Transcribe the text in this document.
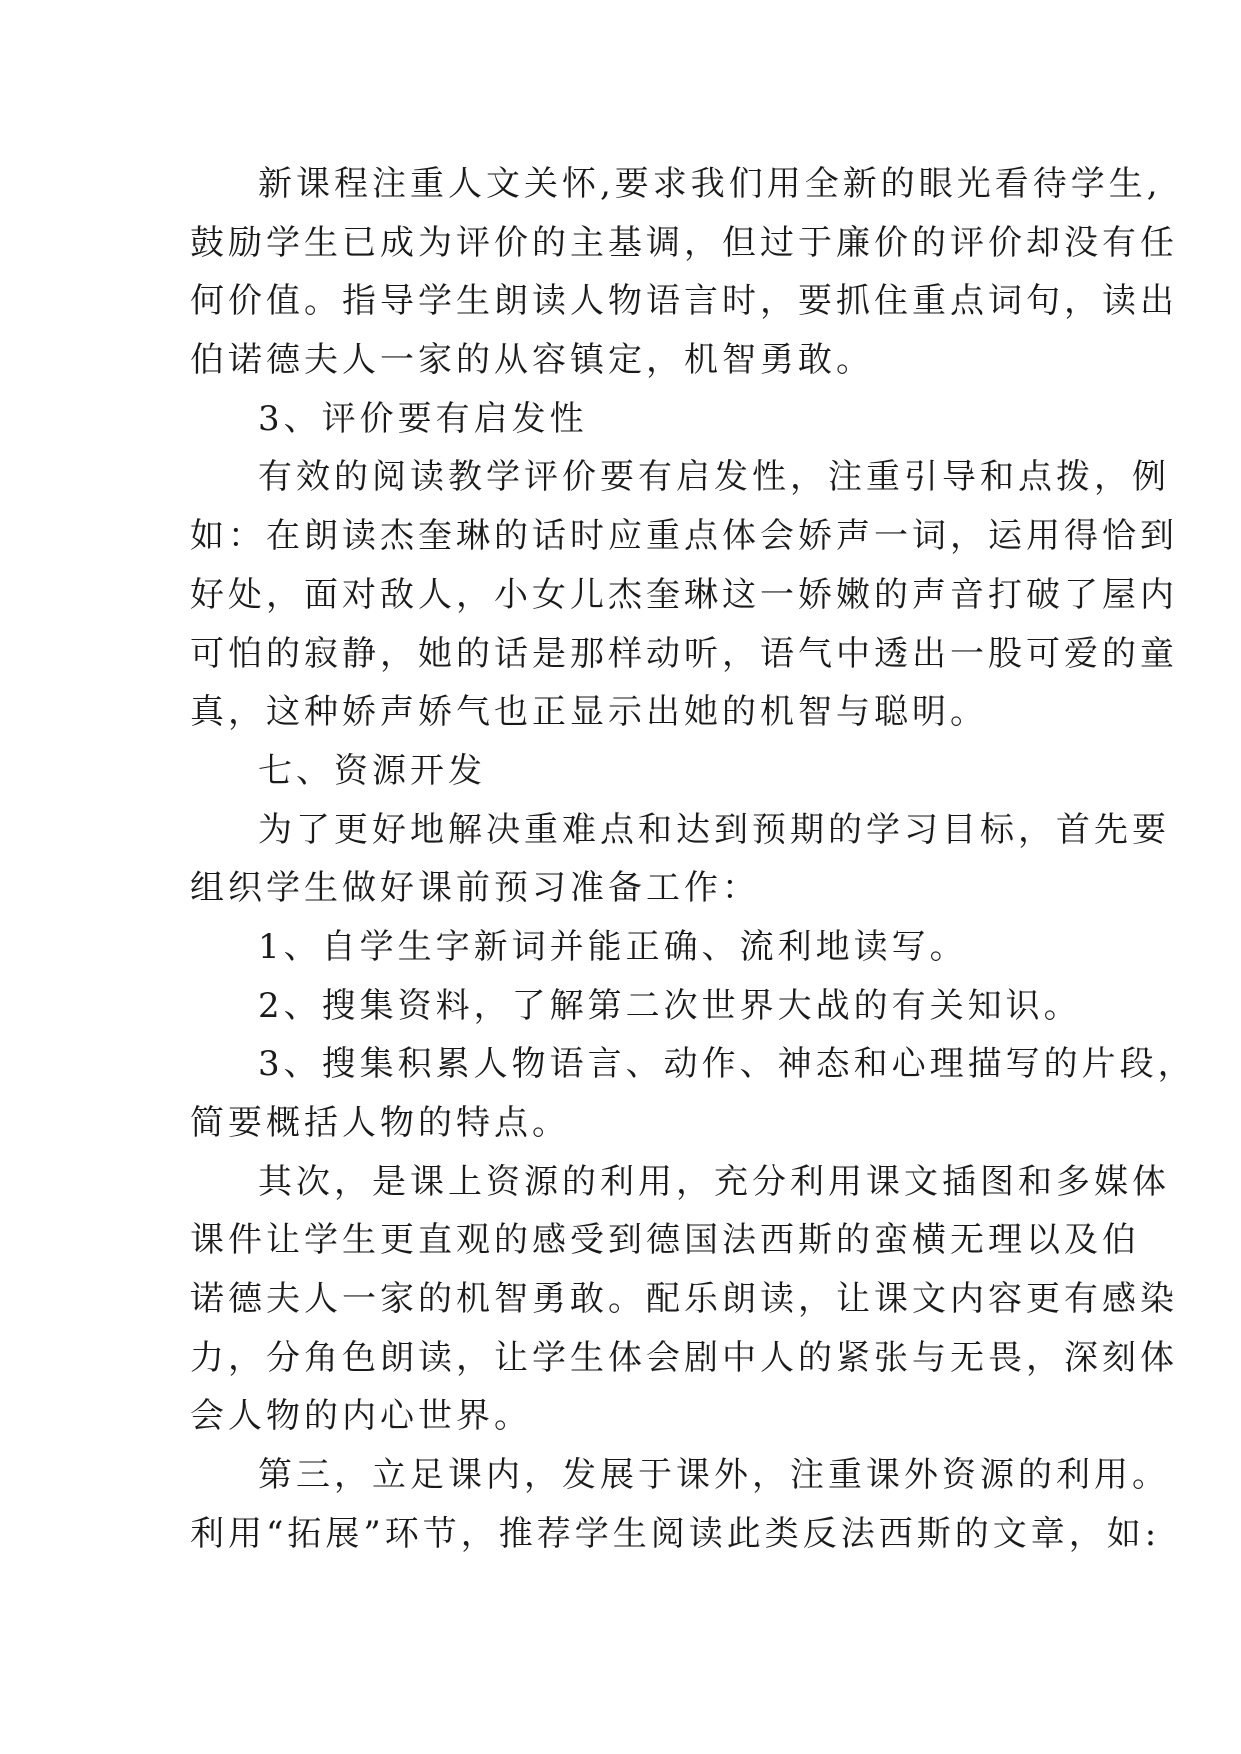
新课程注重人文关怀,要求我们用全新的眼光看待学生,
鼓励学生已成为评价的主基调，但过于廉价的评价却没有任
何价值。指导学生朗读人物语言时，要抓住重点词句，读出
伯诺德夫人一家的从容镇定，机智勇敢。
3、评价要有启发性
有效的阅读教学评价要有启发性，注重引导和点拨，例
如：在朗读杰奎琳的话时应重点体会娇声一词，运用得恰到
好处，面对敌人，小女儿杰奎琳这一娇嫩的声音打破了屋内
可怕的寂静，她的话是那样动听，语气中透出一股可爱的童
真，这种娇声娇气也正显示出她的机智与聪明。
七、资源开发
为了更好地解决重难点和达到预期的学习目标，首先要
组织学生做好课前预习准备工作：
1、自学生字新词并能正确、流利地读写。
2、搜集资料，了解第二次世界大战的有关知识。
3、搜集积累人物语言、动作、神态和心理描写的片段，
简要概括人物的特点。
其次，是课上资源的利用，充分利用课文插图和多媒体
课件让学生更直观的感受到德国法西斯的蛮横无理以及伯
诺德夫人一家的机智勇敢。配乐朗读，让课文内容更有感染
力，分角色朗读，让学生体会剧中人的紧张与无畏，深刻体
会人物的内心世界。
第三，立足课内，发展于课外，注重课外资源的利用。
利用“拓展”环节，推荐学生阅读此类反法西斯的文章，如:
